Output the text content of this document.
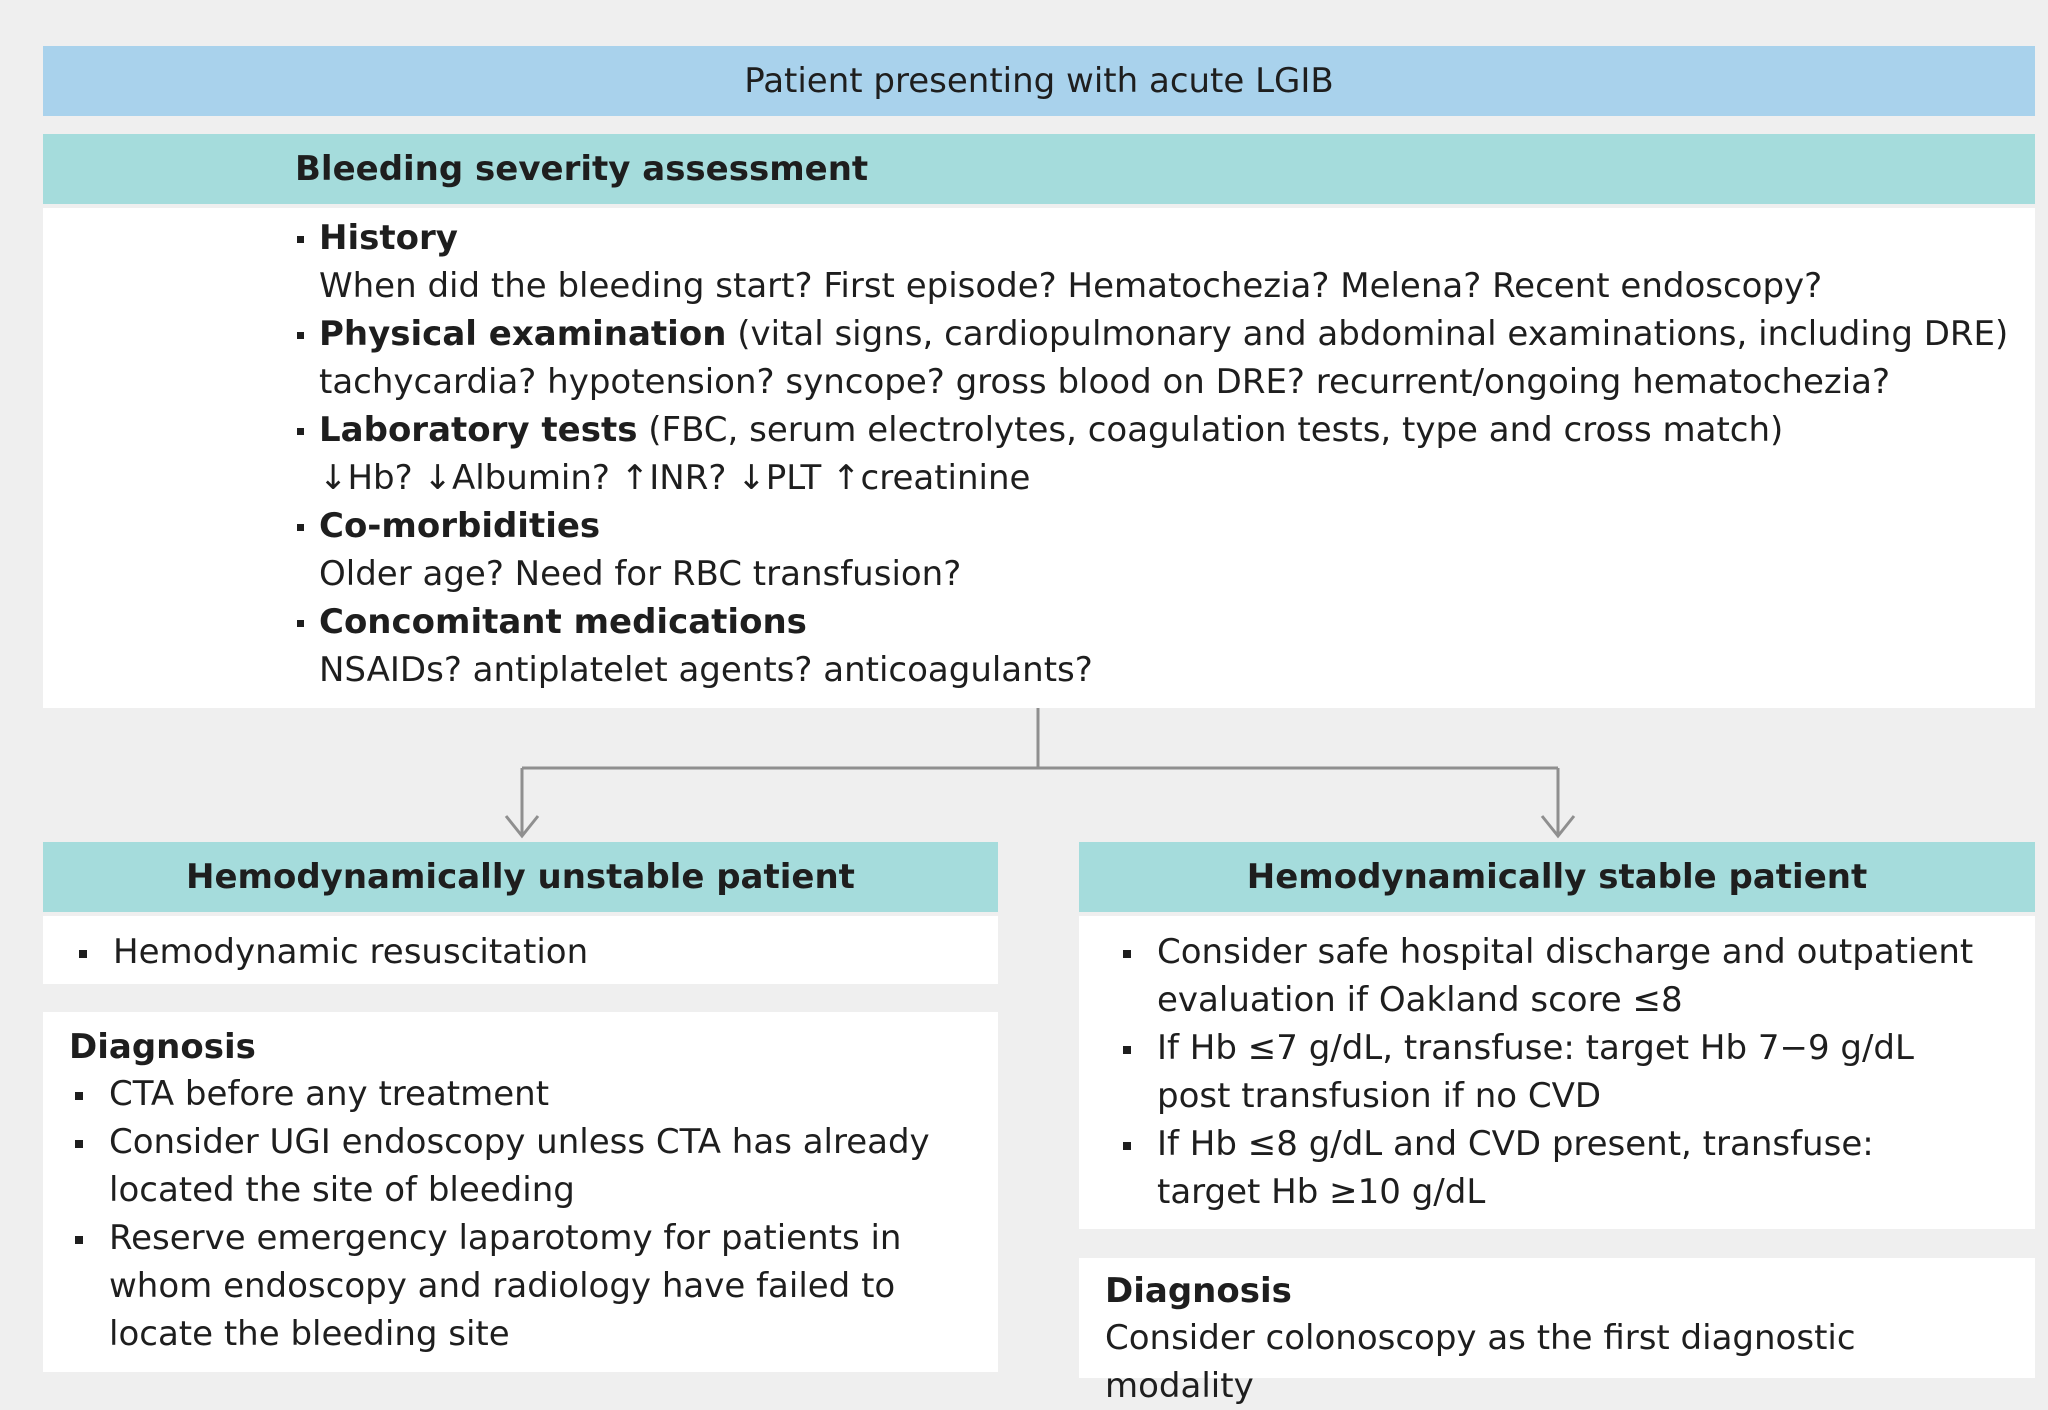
Patient presenting with acute LGIB
Bleeding severity assessment
History
When did the bleeding start? First episode? Hematochezia? Melena? Recent endoscopy?
Physical examination (vital signs, cardiopulmonary and abdominal examinations, including DRE)
tachycardia? hypotension? syncope? gross blood on DRE? recurrent/ongoing hematochezia?
Laboratory tests (FBC, serum electrolytes, coagulation tests, type and cross match)
↓Hb? ↓Albumin? ↑INR? ↓PLT ↑creatinine
Co-morbidities
Older age? Need for RBC transfusion?
Concomitant medications
NSAIDs? antiplatelet agents? anticoagulants?
Hemodynamically unstable patient
Hemodynamic resuscitation
Diagnosis
CTA before any treatment
Consider UGI endoscopy unless CTA has already located the site of bleeding
Reserve emergency laparotomy for patients in whom endoscopy and radiology have failed to locate the bleeding site
Hemodynamically stable patient
Consider safe hospital discharge and outpatient evaluation if Oakland score ≤8
If Hb ≤7 g/dL, transfuse: target Hb 7−9 g/dL post transfusion if no CVD
If Hb ≤8 g/dL and CVD present, transfuse: target Hb ≥10 g/dL
Diagnosis
Consider colonoscopy as the first diagnostic modality
